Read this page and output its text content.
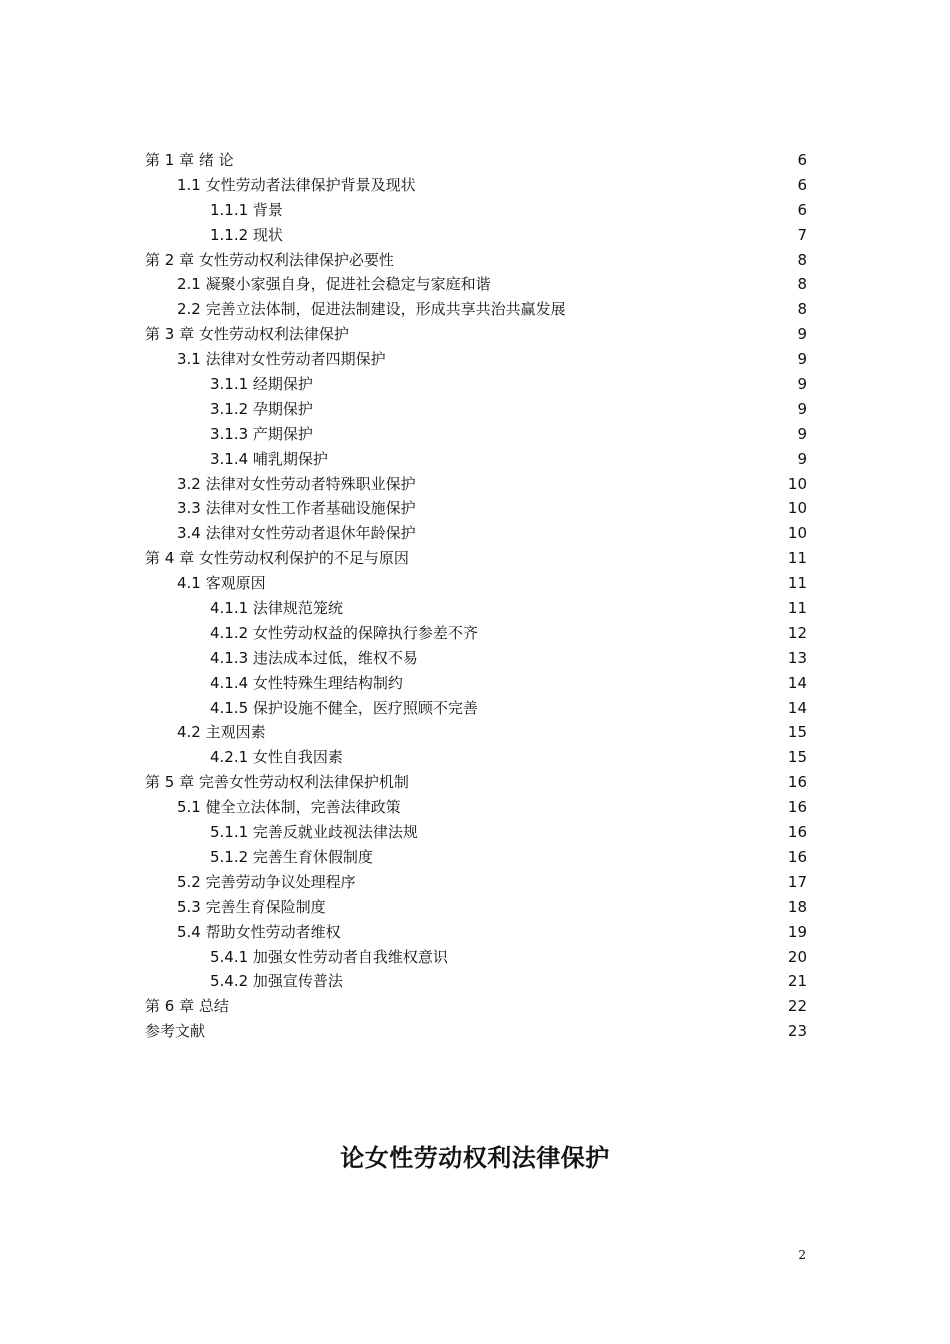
第 1 章 绪 论	6
1.1 女性劳动者法律保护背景及现状	6
1.1.1 背景	6
1.1.2 现状	7
第 2 章 女性劳动权利法律保护必要性	8
2.1 凝聚小家强自身，促进社会稳定与家庭和谐	8
2.2 完善立法体制，促进法制建设，形成共享共治共赢发展	8
第 3 章 女性劳动权利法律保护	9
3.1 法律对女性劳动者四期保护	9
3.1.1 经期保护	9
3.1.2 孕期保护	9
3.1.3 产期保护	9
3.1.4 哺乳期保护	9
3.2 法律对女性劳动者特殊职业保护	10
3.3 法律对女性工作者基础设施保护	10
3.4 法律对女性劳动者退休年龄保护	10
第 4 章 女性劳动权利保护的不足与原因	11
4.1 客观原因	11
4.1.1 法律规范笼统	11
4.1.2 女性劳动权益的保障执行参差不齐	12
4.1.3 违法成本过低，维权不易	13
4.1.4 女性特殊生理结构制约	14
4.1.5 保护设施不健全，医疗照顾不完善	14
4.2 主观因素	15
4.2.1 女性自我因素	15
第 5 章 完善女性劳动权利法律保护机制	16
5.1 健全立法体制，完善法律政策	16
5.1.1 完善反就业歧视法律法规	16
5.1.2 完善生育休假制度	16
5.2 完善劳动争议处理程序	17
5.3 完善生育保险制度	18
5.4 帮助女性劳动者维权	19
5.4.1 加强女性劳动者自我维权意识	20
5.4.2 加强宣传普法	21
第 6 章 总结	22
参考文献	23
论女性劳动权利法律保护
2
